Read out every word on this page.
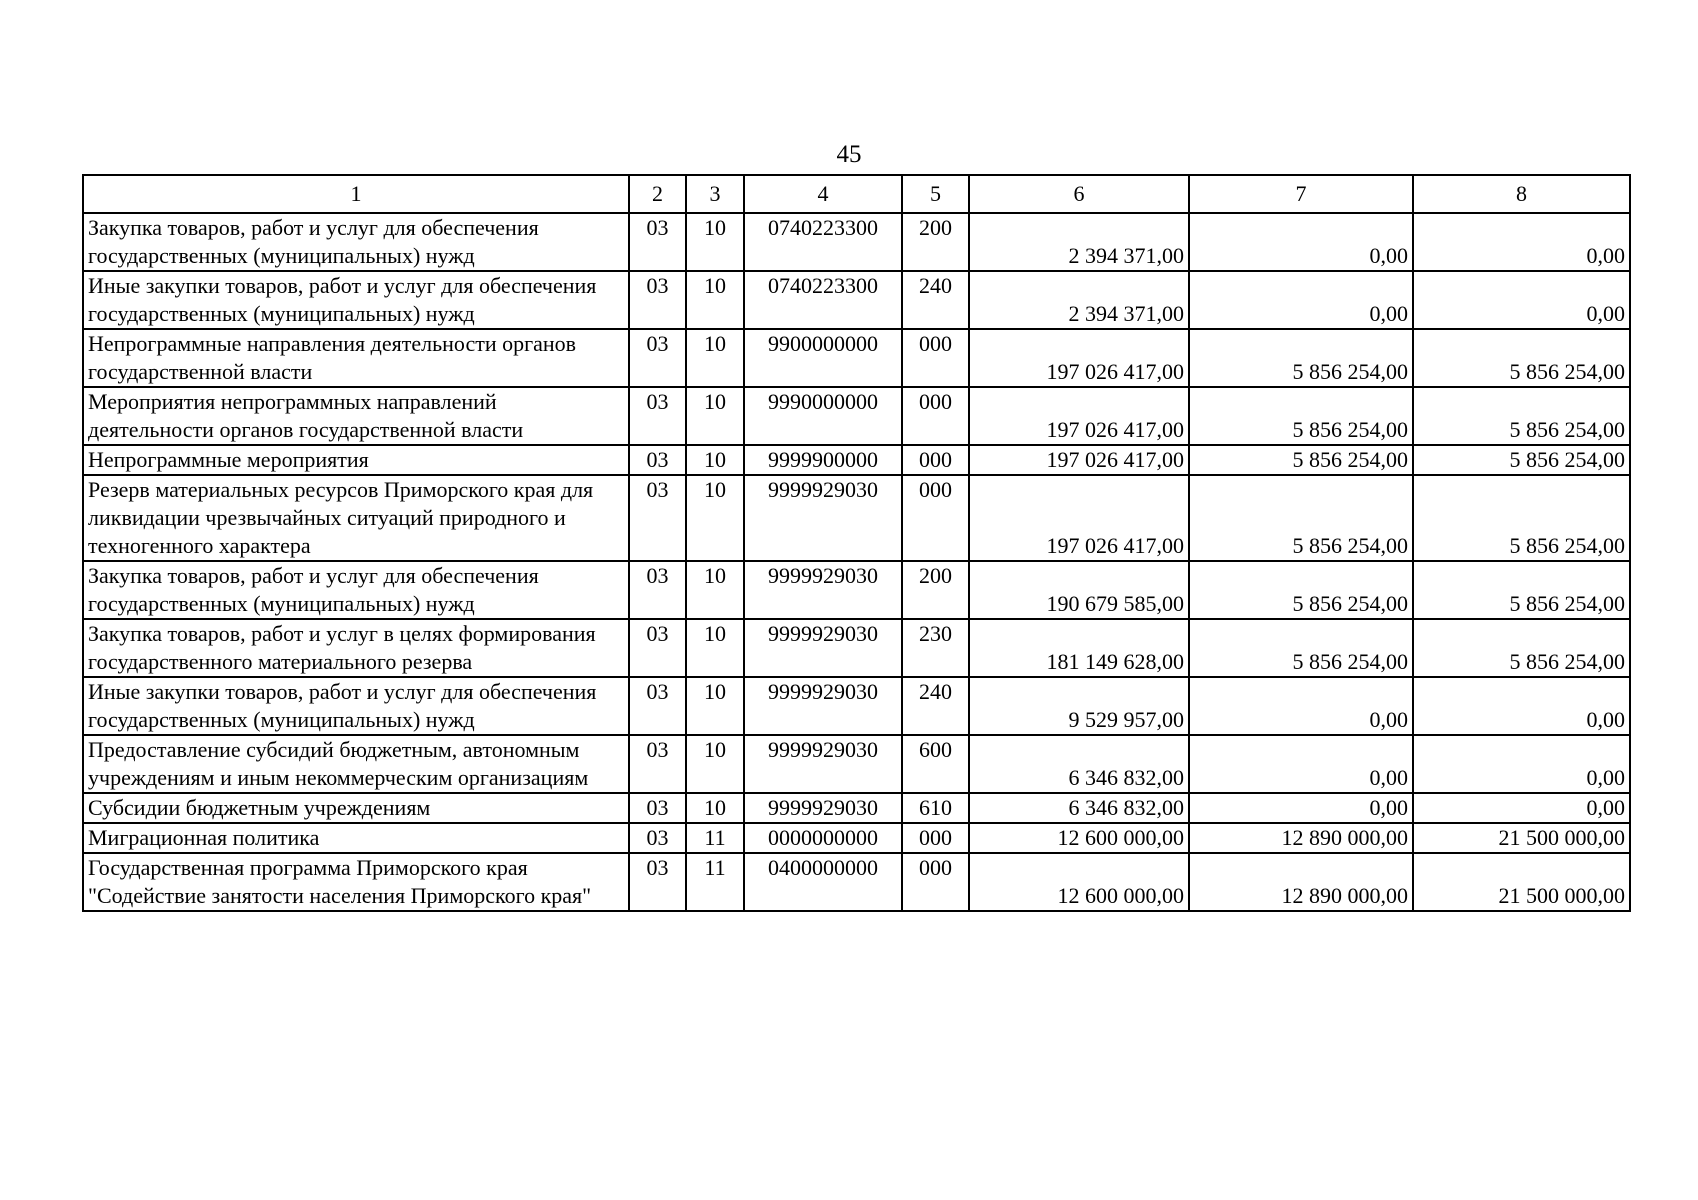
45
1	2	3	4	5	6	7	8
Закупка товаров, работ и услуг для обеспечения государственных (муниципальных) нужд	03	10	0740223300	200	2 394 371,00	0,00	0,00
Иные закупки товаров, работ и услуг для обеспечения государственных (муниципальных) нужд	03	10	0740223300	240	2 394 371,00	0,00	0,00
Непрограммные направления деятельности органов государственной власти	03	10	9900000000	000	197 026 417,00	5 856 254,00	5 856 254,00
Мероприятия непрограммных направлений деятельности органов государственной власти	03	10	9990000000	000	197 026 417,00	5 856 254,00	5 856 254,00
Непрограммные мероприятия	03	10	9999900000	000	197 026 417,00	5 856 254,00	5 856 254,00
Резерв материальных ресурсов Приморского края для ликвидации чрезвычайных ситуаций природного и техногенного характера	03	10	9999929030	000	197 026 417,00	5 856 254,00	5 856 254,00
Закупка товаров, работ и услуг для обеспечения государственных (муниципальных) нужд	03	10	9999929030	200	190 679 585,00	5 856 254,00	5 856 254,00
Закупка товаров, работ и услуг в целях формирования государственного материального резерва	03	10	9999929030	230	181 149 628,00	5 856 254,00	5 856 254,00
Иные закупки товаров, работ и услуг для обеспечения государственных (муниципальных) нужд	03	10	9999929030	240	9 529 957,00	0,00	0,00
Предоставление субсидий бюджетным, автономным учреждениям и иным некоммерческим организациям	03	10	9999929030	600	6 346 832,00	0,00	0,00
Субсидии бюджетным учреждениям	03	10	9999929030	610	6 346 832,00	0,00	0,00
Миграционная политика	03	11	0000000000	000	12 600 000,00	12 890 000,00	21 500 000,00
Государственная программа Приморского края "Содействие занятости населения Приморского края"	03	11	0400000000	000	12 600 000,00	12 890 000,00	21 500 000,00
